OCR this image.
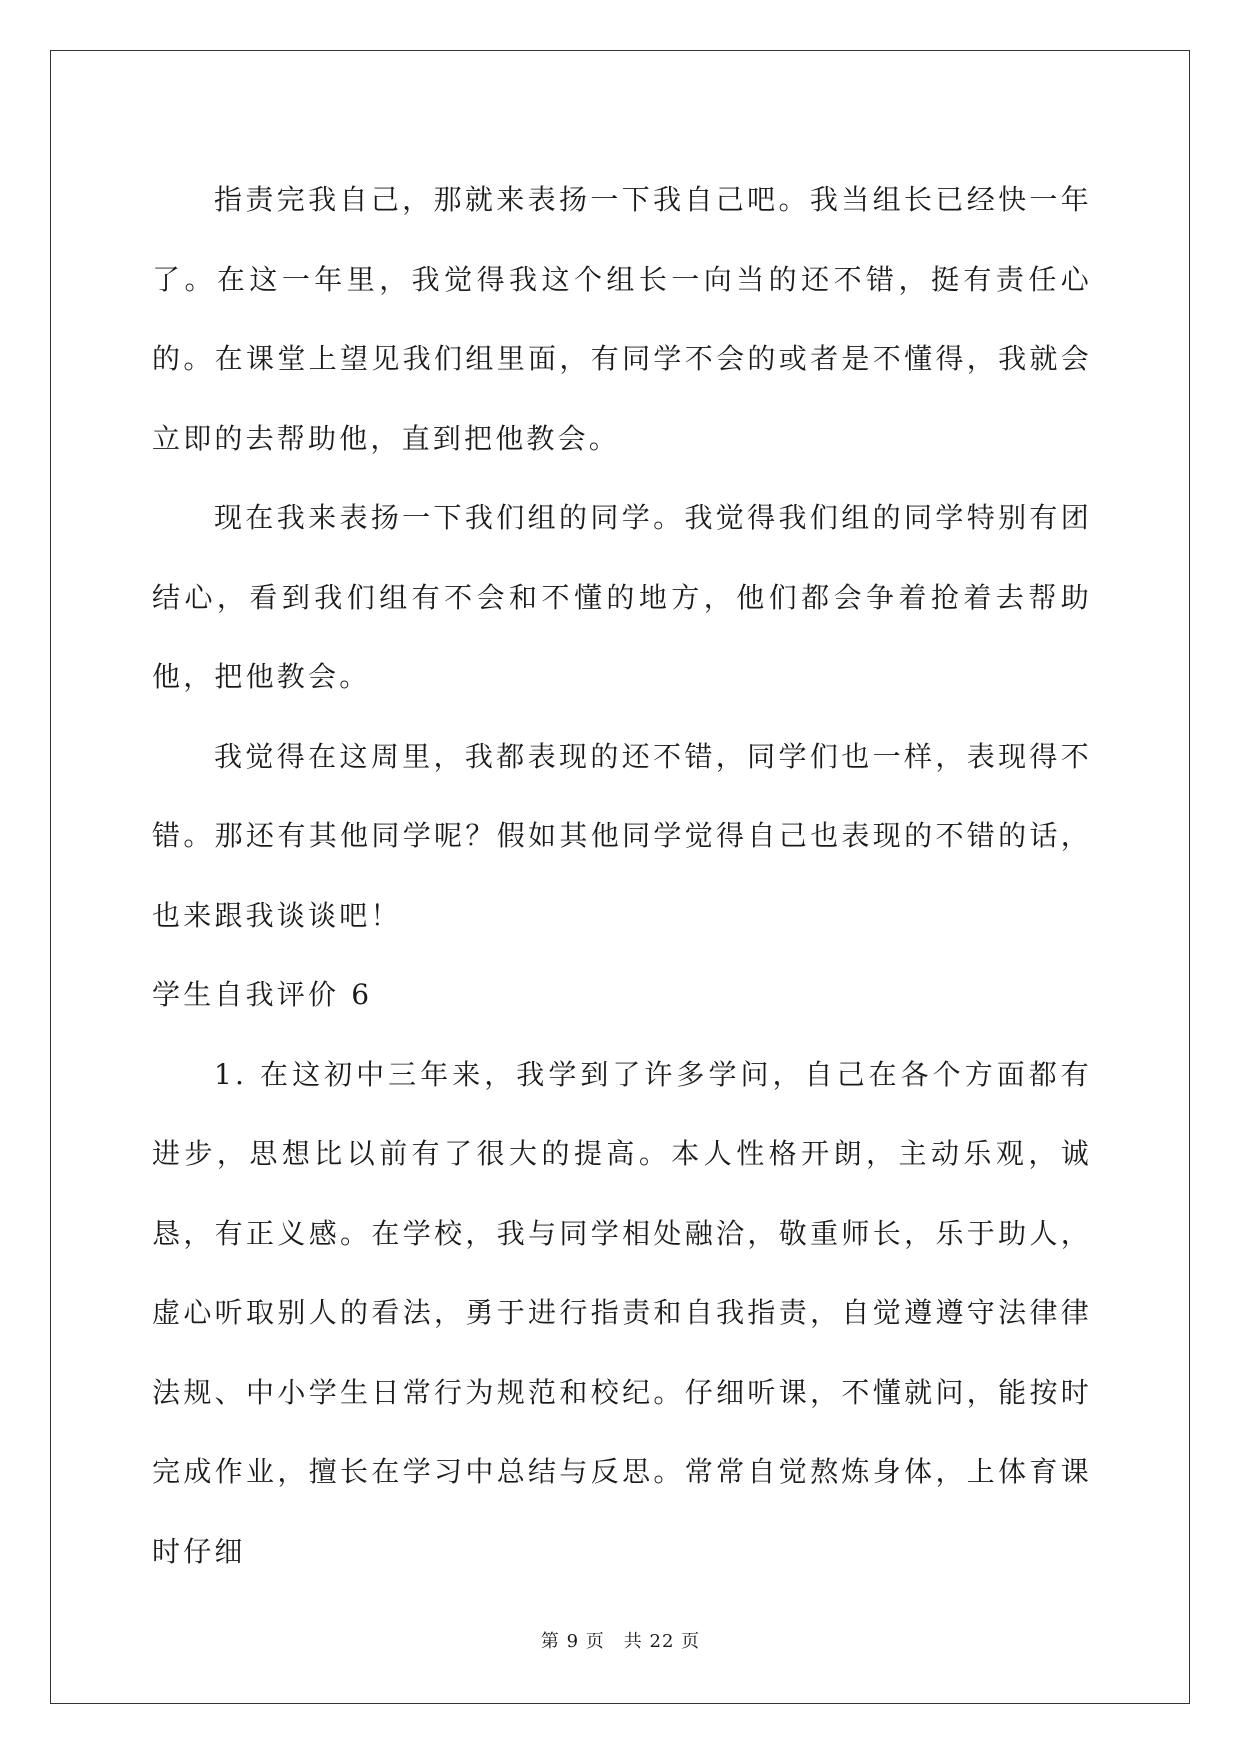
指责完我自己，那就来表扬一下我自己吧。我当组长已经快一年了。在这一年里，我觉得我这个组长一向当的还不错，挺有责任心的。在课堂上望见我们组里面，有同学不会的或者是不懂得，我就会立即的去帮助他，直到把他教会。

现在我来表扬一下我们组的同学。我觉得我们组的同学特别有团结心，看到我们组有不会和不懂的地方，他们都会争着抢着去帮助他，把他教会。

我觉得在这周里，我都表现的还不错，同学们也一样，表现得不错。那还有其他同学呢？假如其他同学觉得自己也表现的不错的话，也来跟我谈谈吧！

学生自我评价 6

1. 在这初中三年来，我学到了许多学问，自己在各个方面都有进步，思想比以前有了很大的提高。本人性格开朗，主动乐观，诚恳，有正义感。在学校，我与同学相处融洽，敬重师长，乐于助人，虚心听取别人的看法，勇于进行指责和自我指责，自觉遵遵守法律律法规、中小学生日常行为规范和校纪。仔细听课，不懂就问，能按时完成作业，擅长在学习中总结与反思。常常自觉熬炼身体，上体育课时仔细

第 9 页　共 22 页
